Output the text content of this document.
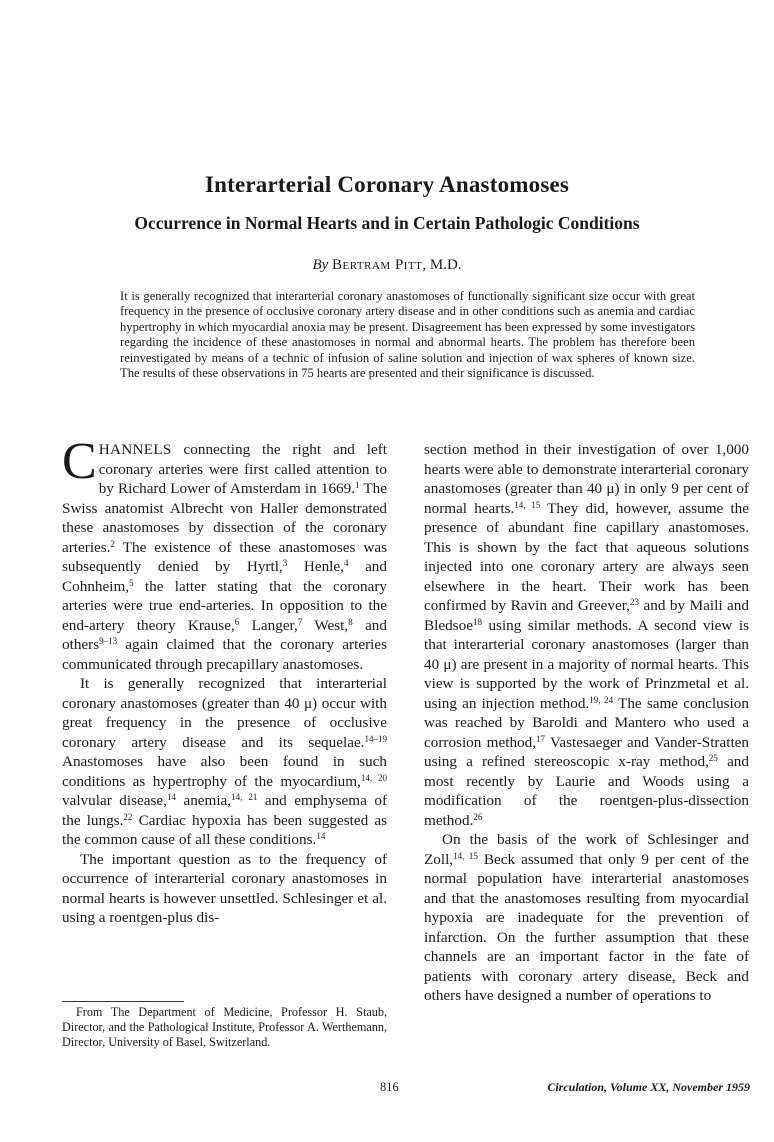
Interarterial Coronary Anastomoses
Occurrence in Normal Hearts and in Certain Pathologic Conditions
By Bertram Pitt, M.D.
It is generally recognized that interarterial coronary anastomoses of functionally significant size occur with great frequency in the presence of occlusive coronary artery disease and in other conditions such as anemia and cardiac hypertrophy in which myocardial anoxia may be present. Disagreement has been expressed by some investigators regarding the incidence of these anastomoses in normal and abnormal hearts. The problem has therefore been reinvestigated by means of a technic of infusion of saline solution and injection of wax spheres of known size. The results of these observations in 75 hearts are presented and their significance is discussed.

CHANNELS connecting the right and left coronary arteries were first called attention to by Richard Lower of Amsterdam in 1669.$^1$ The Swiss anatomist Albrecht von Haller demonstrated these anastomoses by dissection of the coronary arteries.$^2$ The existence of these anastomoses was subsequently denied by Hyrtl,$^3$ Henle,$^4$ and Cohnheim,$^5$ the latter stating that the coronary arteries were true end-arteries. In opposition to the end-artery theory Krause,$^6$ Langer,$^7$ West,$^8$ and others$^{9-13}$ again claimed that the coronary arteries communicated through precapillary anastomoses.

It is generally recognized that interarterial coronary anastomoses (greater than 40 μ) occur with great frequency in the presence of occlusive coronary artery disease and its sequelae.$^{14-19}$ Anastomoses have also been found in such conditions as hypertrophy of the myocardium,$^{14, 20}$ valvular disease,$^{14}$ anemia,$^{14, 21}$ and emphysema of the lungs.$^{22}$ Cardiac hypoxia has been suggested as the common cause of all these conditions.$^{14}$

The important question as to the frequency of occurrence of interarterial coronary anastomoses in normal hearts is however unsettled. Schlesinger et al. using a roentgen-plus dis-

section method in their investigation of over 1,000 hearts were able to demonstrate interarterial coronary anastomoses (greater than 40 μ) in only 9 per cent of normal hearts.$^{14, 15}$ They did, however, assume the presence of abundant fine capillary anastomoses. This is shown by the fact that aqueous solutions injected into one coronary artery are always seen elsewhere in the heart. Their work has been confirmed by Ravin and Greever,$^{23}$ and by Maili and Bledsoe$^{18}$ using similar methods. A second view is that interarterial coronary anastomoses (larger than 40 μ) are present in a majority of normal hearts. This view is supported by the work of Prinzmetal et al. using an injection method.$^{19, 24}$ The same conclusion was reached by Baroldi and Mantero who used a corrosion method,$^{17}$ Vastesaeger and Vander-Stratten using a refined stereoscopic x-ray method,$^{25}$ and most recently by Laurie and Woods using a modification of the roentgen-plus-dissection method.$^{26}$

On the basis of the work of Schlesinger and Zoll,$^{14, 15}$ Beck assumed that only 9 per cent of the normal population have interarterial anastomoses and that the anastomoses resulting from myocardial hypoxia are inadequate for the prevention of infarction. On the further assumption that these channels are an important factor in the fate of patients with coronary artery disease, Beck and others have designed a number of operations to

From The Department of Medicine, Professor H. Staub, Director, and the Pathological Institute, Professor A. Werthemann, Director, University of Basel, Switzerland.
816	Circulation, Volume XX, November 1959
